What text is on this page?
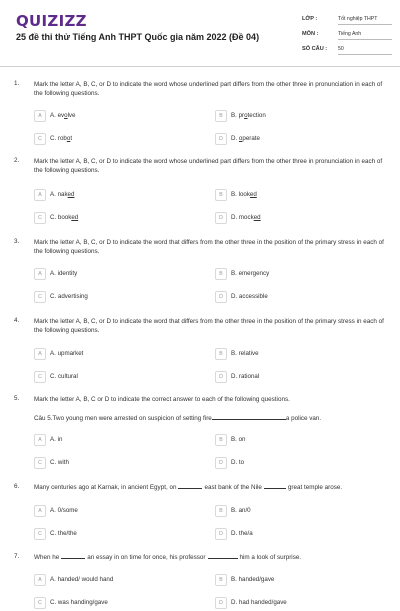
QUIZIZZ
25 đề thi thử Tiếng Anh THPT Quốc gia năm 2022 (Đề 04)
LỚP :	Tốt nghiệp THPT
MÔN :	Tiếng Anh
SỐ CÂU : 50
1. Mark the letter A, B, C, or D to indicate the word whose underlined part differs from the other three in pronunciation in each of the following questions.
A	A. evolve	B	B. protection
C	C. robot	D	D. operate
2. Mark the letter A, B, C, or D to indicate the word whose underlined part differs from the other three in pronunciation in each of the following questions.
A	A. naked	B	B. looked
C	C. booked	D	D. mocked
3. Mark the letter A, B, C, or D to indicate the word that differs from the other three in the position of the primary stress in each of the following questions.
A	A. identity	B	B. emergency
C	C. advertising	D	D. accessible
4. Mark the letter A, B, C, or D to indicate the word that differs from the other three in the position of the primary stress in each of the following questions.
A	A. upmarket	B	B. relative
C	C. cultural	D	D. rational
5. Mark the letter A, B, C or D to indicate the correct answer to each of the following questions.
Câu 5.Two young men were arrested on suspicion of setting fire	a police van.
A	A. in	B	B. on
C	C. with	D	D. to
6. Many centuries ago at Karnak, in ancient Egypt, on	east bank of the Nile	great temple arose.
A	A. 0/some	B	B. an/0
C	C. the/the	D	D. the/a
7. When he	an essay in on time for once, his professor	him a look of surprise.
A	A. handed/ would hand	B	B. handed/gave
C	C. was handing/gave	D	D. had handed/gave
